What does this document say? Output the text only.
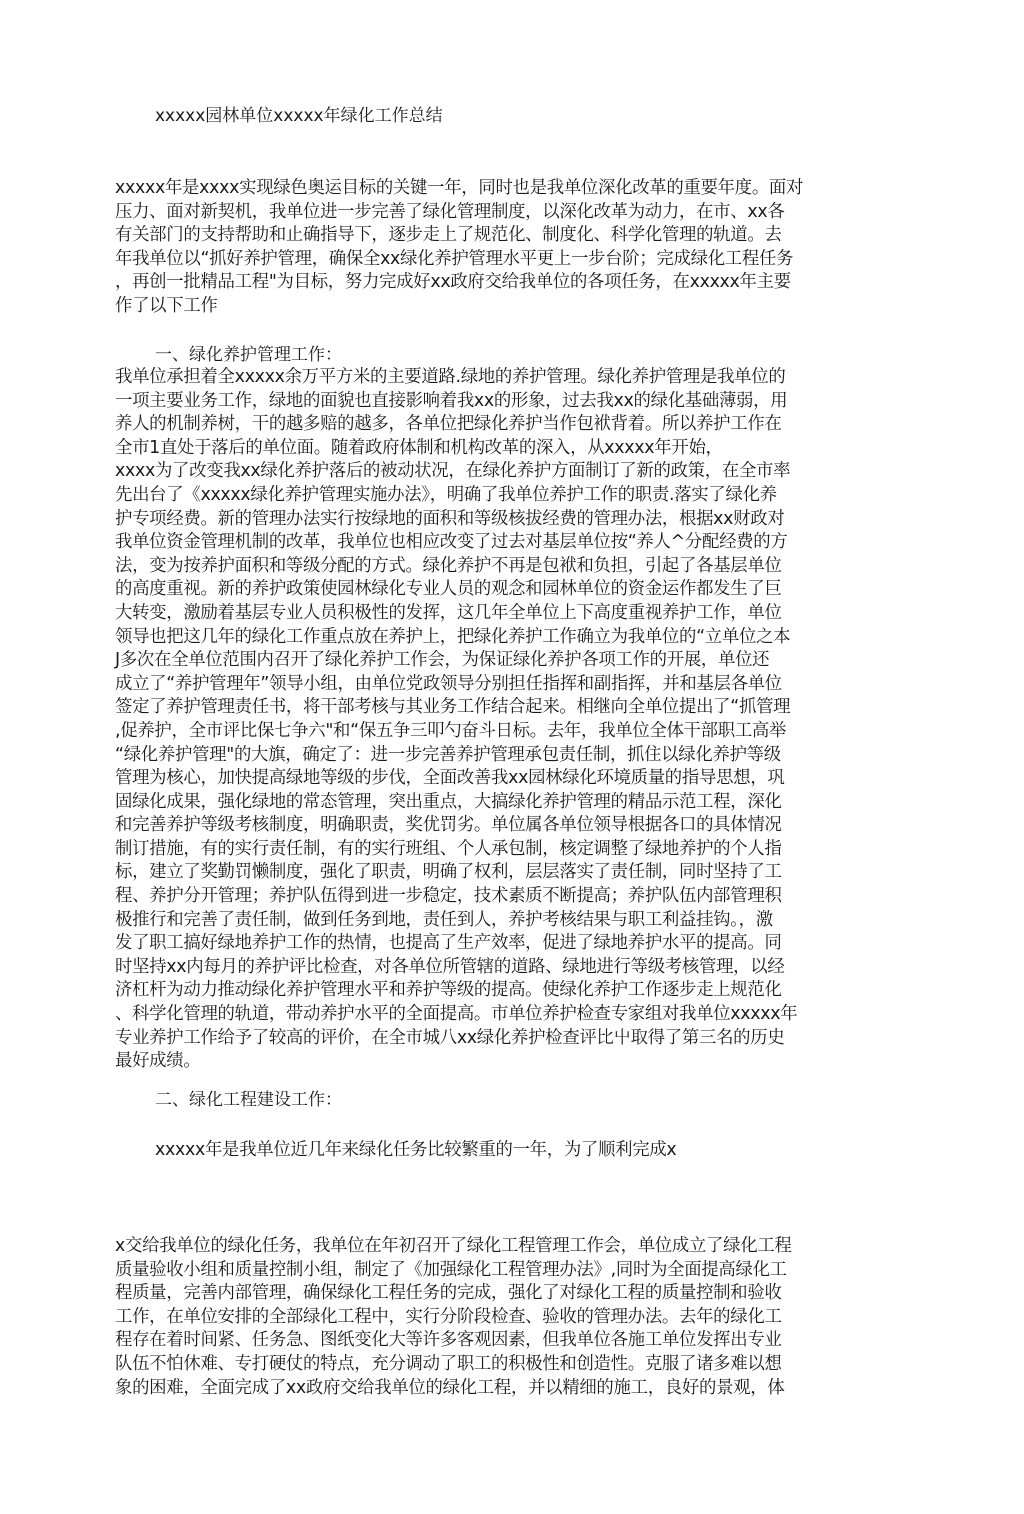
xxxxx园林单位xxxxx年绿化工作总结
xxxxx年是xxxx实现绿色奥运目标的关键一年，同时也是我单位深化改革的重要年度。面对
压力、面对新契机，我单位进一步完善了绿化管理制度，以深化改革为动力，在市、xx各
有关部门的支持帮助和止确指导下，逐步走上了规范化、制度化、科学化管理的轨道。去
年我单位以“抓好养护管理，确保全xx绿化养护管理水平更上一步台阶；完成绿化工程任务
，再创一批精品工程"为目标，努力完成好xx政府交给我单位的各项任务，在xxxxx年主要
作了以下工作
一、绿化养护管理工作：
我单位承担着全xxxxx余万平方米的主要道路.绿地的养护管理。绿化养护管理是我单位的
一项主要业务工作，绿地的面貌也直接影响着我xx的形象，过去我xx的绿化基础薄弱，用
养人的机制养树，干的越多赔的越多，各单位把绿化养护当作包袱背着。所以养护工作在
全市1直处于落后的单位面。随着政府体制和机构改革的深入，从xxxxx年开始，
xxxx为了改变我xx绿化养护落后的被动状况，在绿化养护方面制订了新的政策，在全市率
先出台了《xxxxx绿化养护管理实施办法》，明确了我单位养护工作的职责.落实了绿化养
护专项经费。新的管理办法实行按绿地的面积和等级核拔经费的管理办法，根据xx财政对
我单位资金管理机制的改革，我单位也相应改变了过去对基层单位按“养人^分配经费的方
法，变为按养护面积和等级分配的方式。绿化养护不再是包袱和负担，引起了各基层单位
的高度重视。新的养护政策使园林绿化专业人员的观念和园林单位的资金运作都发生了巨
大转变，激励着基层专业人员积极性的发挥，这几年全单位上下高度重视养护工作，单位
领导也把这几年的绿化工作重点放在养护上，把绿化养护工作确立为我单位的“立单位之本
J多次在全单位范围内召开了绿化养护工作会，为保证绿化养护各项工作的开展，单位还
成立了“养护管理年”领导小组，由单位党政领导分别担任指挥和副指挥，并和基层各单位
签定了养护管理责任书，将干部考核与其业务工作结合起来。相继向全单位提出了“抓管理
,促养护，全市评比保七争六"和“保五争三叩勺奋斗日标。去年，我单位全体干部职工高举
“绿化养护管理"的大旗，确定了：进一步完善养护管理承包责任制，抓住以绿化养护等级
管理为核心，加快提高绿地等级的步伐，全面改善我xx园林绿化环境质量的指导思想，巩
固绿化成果，强化绿地的常态管理，突出重点，大搞绿化养护管理的精品示范工程，深化
和完善养护等级考核制度，明确职责，奖优罚劣。单位属各单位领导根据各口的具体情况
制订措施，有的实行责任制，有的实行班组、个人承包制，核定调整了绿地养护的个人指
标，建立了奖勤罚懒制度，强化了职责，明确了权利，层层落实了责任制，同时坚持了工
程、养护分开管理；养护队伍得到进一步稳定，技术素质不断提高；养护队伍内部管理积
极推行和完善了责任制，做到任务到地，责任到人，养护考核结果与职工利益挂钩。，激
发了职工搞好绿地养护工作的热情，也提高了生产效率，促进了绿地养护水平的提高。同
时坚持xx内每月的养护评比检查，对各单位所管辖的道路、绿地进行等级考核管理，以经
济杠杆为动力推动绿化养护管理水平和养护等级的提高。使绿化养护工作逐步走上规范化
、科学化管理的轨道，带动养护水平的全面提高。市单位养护检查专家组对我单位xxxxx年
专业养护工作给予了较高的评价，在全市城八xx绿化养护检查评比屮取得了第三名的历史
最好成绩。
二、绿化工程建设工作：
xxxxx年是我单位近几年来绿化任务比较繁重的一年，为了顺利完成x
x交给我单位的绿化任务，我单位在年初召开了绿化工程管理工作会，单位成立了绿化工程
质量验收小组和质量控制小组，制定了《加强绿化工程管理办法》,同时为全面提高绿化工
程质量，完善内部管理，确保绿化工程任务的完成，强化了对绿化工程的质量控制和验收
工作，在单位安排的全部绿化工程中，实行分阶段检查、验收的管理办法。去年的绿化工
程存在着时间紧、任务急、图纸变化大等许多客观因素，但我单位各施工单位发挥出专业
队伍不怕休难、专打硬仗的特点，充分调动了职工的积极性和创造性。克服了诸多难以想
象的困难，全面完成了xx政府交给我单位的绿化工程，并以精细的施工，良好的景观，体
